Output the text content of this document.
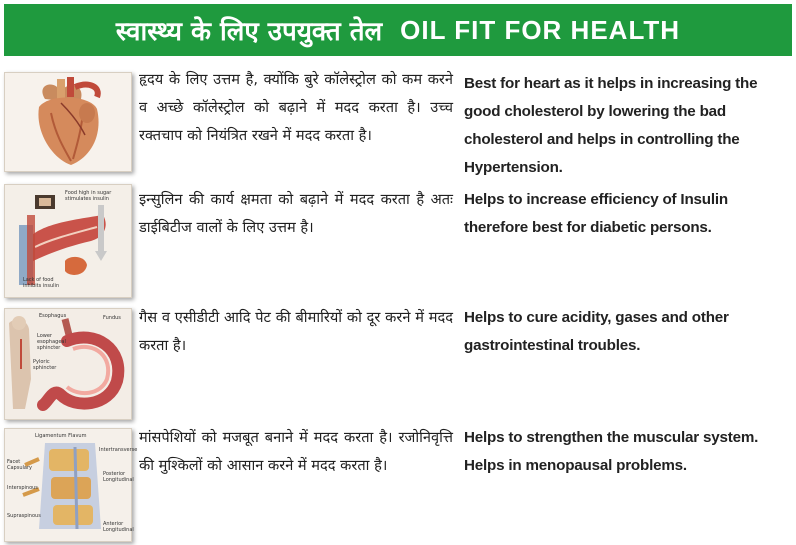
स्वास्थ्य के लिए उपयुक्त तेल OIL FIT FOR HEALTH
हृदय के लिए उत्तम है, क्योंकि बुरे कॉलेस्ट्रोल को कम करने व अच्छे कॉलेस्ट्रोल को बढ़ाने में मदद करता है। उच्च रक्तचाप को नियंत्रित रखने में मदद करता है।
Best for heart as it helps in increasing the good cholesterol by lowering the bad cholesterol and helps in controlling the Hypertension.
Food high in sugar
stimulates insulin
Lack of food
inhibits insulin
इन्सुलिन की कार्य क्षमता को बढ़ाने में मदद करता है अतः डाईबिटीज वालों के लिए उत्तम है।
Helps to increase efficiency of Insulin therefore best for diabetic persons.
Esophagus	Fundus
Lower
esophageal
sphincter
Pyloric
sphincter
गैस व एसीडीटी आदि पेट की बीमारियों को दूर करने में मदद करता है।
Helps to cure acidity, gases and other gastrointestinal troubles.
Ligamentum Flavum
Facet
Capsulary
Interspinous
Supraspinous
Intertransverse
Posterior
Longitudinal
Anterior
Longitudinal
मांसपेशियों को मजबूत बनाने में मदद करता है। रजोनिवृत्ति की मुश्किलों को आसान करने में मदद करता है।
Helps to strengthen the muscular system. Helps in menopausal problems.
